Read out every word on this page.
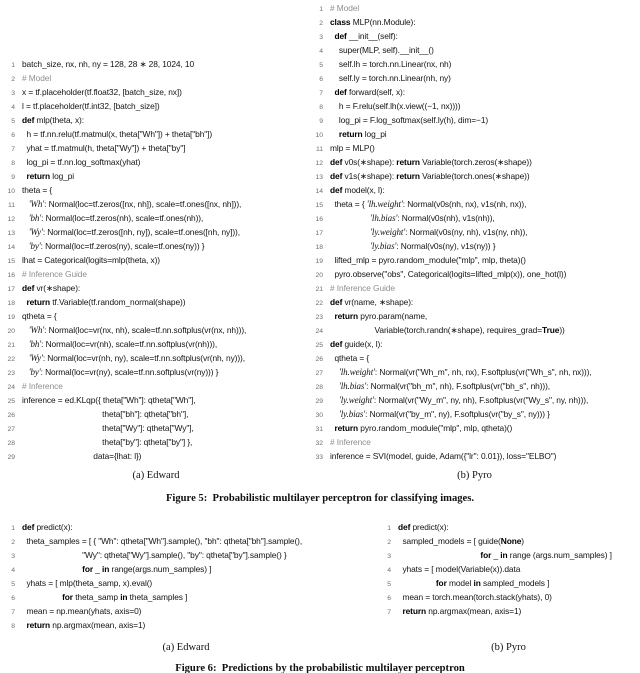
1 # Model
2 class MLP(nn.Module):
3	def __init__(self):
4 super(MLP, self).__init__()
5 self.lh = torch.nn.Linear(nx, nh)
6 self.ly = torch.nn.Linear(nh, ny)
7	def forward(self, x):
8 h = F.relu(self.lh(x.view((−1, nx))))
9 log_pi = F.log_softmax(self.ly(h), dim=−1)
10	return log_pi
11 mlp = MLP()
12 def v0s(∗shape): return Variable(torch.zeros(∗shape))
13 def v1s(∗shape): return Variable(torch.ones(∗shape))
14 def model(x, l):
15 theta = { 'lh.weight': Normal(v0s(nh, nx), v1s(nh, nx)),
16	'lh.bias': Normal(v0s(nh), v1s(nh)),
17	'ly.weight': Normal(v0s(ny, nh), v1s(ny, nh)),
18	'ly.bias': Normal(v0s(ny), v1s(ny)) }
19 lifted_mlp = pyro.random_module("mlp", mlp, theta)()
20 pyro.observe("obs", Categorical(logits=lifted_mlp(x)), one_hot(l))
21 # Inference Guide
22 def vr(name, ∗shape):
23	return pyro.param(name,
24 Variable(torch.randn(∗shape), requires_grad=True))
25 def guide(x, l):
26 qtheta = {
27	'lh.weight': Normal(vr("Wh_m", nh, nx), F.softplus(vr("Wh_s", nh, nx))),
28	'lh.bias': Normal(vr("bh_m", nh), F.softplus(vr("bh_s", nh))),
29	'ly.weight': Normal(vr("Wy_m", ny, nh), F.softplus(vr("Wy_s", ny, nh))),
30	'ly.bias': Normal(vr("by_m", ny), F.softplus(vr("by_s", ny))) }
31	return pyro.random_module("mlp", mlp, qtheta)()
32 # Inference
33 inference = SVI(model, guide, Adam({"lr": 0.01}), loss="ELBO")
1 batch_size, nx, nh, ny = 128, 28 ∗ 28, 1024, 10
2 # Model
3 x = tf.placeholder(tf.float32, [batch_size, nx])
4 l = tf.placeholder(tf.int32, [batch_size])
5 def mlp(theta, x):
6 h = tf.nn.relu(tf.matmul(x, theta["Wh"]) + theta["bh"])
7 yhat = tf.matmul(h, theta["Wy"]) + theta["by"]
8 log_pi = tf.nn.log_softmax(yhat)
9	return log_pi
10 theta = {
11	'Wh': Normal(loc=tf.zeros([nx, nh]), scale=tf.ones([nx, nh])),
12	'bh': Normal(loc=tf.zeros(nh), scale=tf.ones(nh)),
13	'Wy': Normal(loc=tf.zeros([nh, ny]), scale=tf.ones([nh, ny])),
14	'by': Normal(loc=tf.zeros(ny), scale=tf.ones(ny)) }
15 lhat = Categorical(logits=mlp(theta, x))
16 # Inference Guide
17 def vr(∗shape):
18	return tf.Variable(tf.random_normal(shape))
19 qtheta = {
20	'Wh': Normal(loc=vr(nx, nh), scale=tf.nn.softplus(vr(nx, nh))),
21	'bh': Normal(loc=vr(nh), scale=tf.nn.softplus(vr(nh))),
22	'Wy': Normal(loc=vr(nh, ny), scale=tf.nn.softplus(vr(nh, ny))),
23	'by': Normal(loc=vr(ny), scale=tf.nn.softplus(vr(ny))) }
24 # Inference
25 inference = ed.KLqp({ theta["Wh"]: qtheta["Wh"],
26 theta["bh"]: qtheta["bh"],
27 theta["Wy"]: qtheta["Wy"],
28 theta["by"]: qtheta["by"] },
29 data={lhat: l})
(a) Edward	(b) Pyro
Figure 5:  Probabilistic multilayer perceptron for classifying images.
1 def predict(x):
2 theta_samples = [ { "Wh": qtheta["Wh"].sample(), "bh": qtheta["bh"].sample(),
3 "Wy": qtheta["Wy"].sample(), "by": qtheta["by"].sample() }
4	for _ in range(args.num_samples) ]
5 yhats = [ mlp(theta_samp, x).eval()
6	for theta_samp in theta_samples ]
7 mean = np.mean(yhats, axis=0)
8	return np.argmax(mean, axis=1)
1 def predict(x):
2 sampled_models = [ guide(None)
3	for _ in range (args.num_samples) ]
4 yhats = [ model(Variable(x)).data
5	for model in sampled_models ]
6 mean = torch.mean(torch.stack(yhats), 0)
7	return np.argmax(mean, axis=1)
(a) Edward	(b) Pyro
Figure 6:  Predictions by the probabilistic multilayer perceptron
